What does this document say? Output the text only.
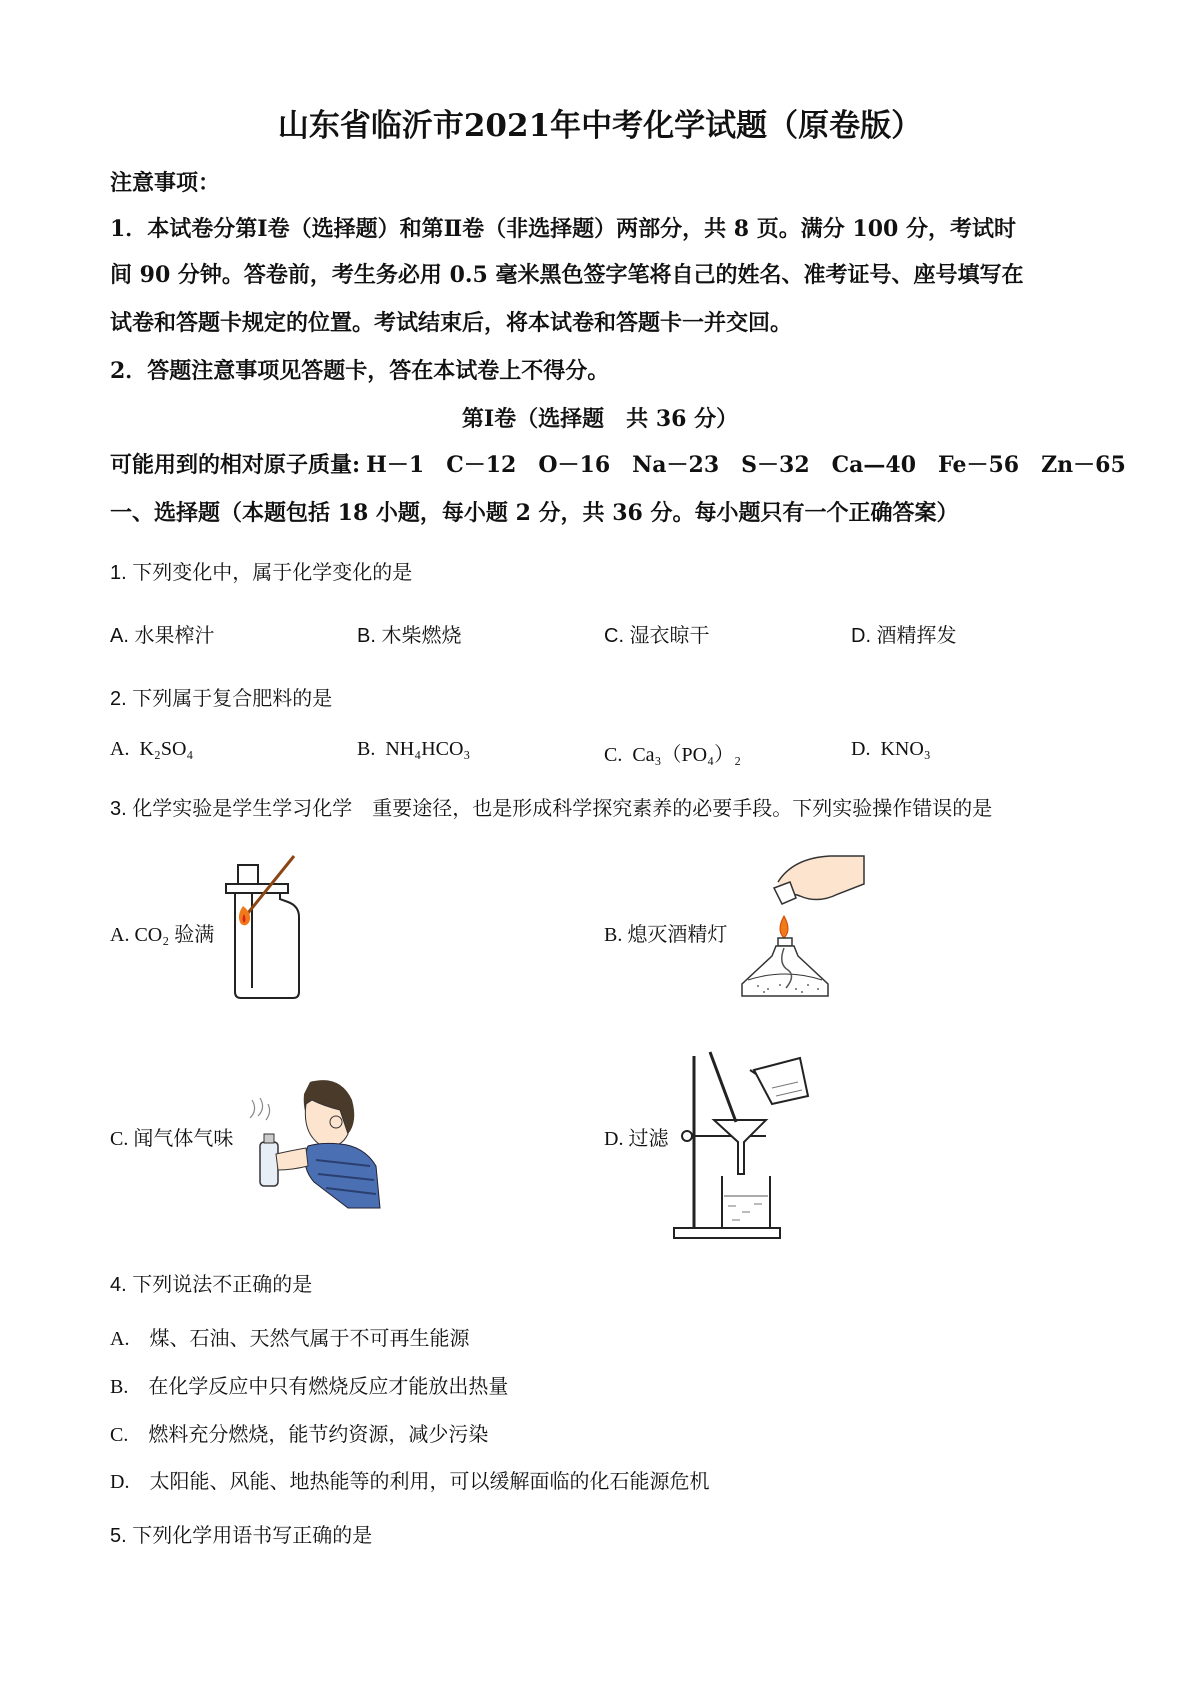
山东省临沂市2021年中考化学试题（原卷版）
注意事项：
1．本试卷分第Ⅰ卷（选择题）和第Ⅱ卷（非选择题）两部分，共 8 页。满分 100 分，考试时
间 90 分钟。答卷前，考生务必用 0.5 毫米黑色签字笔将自己的姓名、准考证号、座号填写在
试卷和答题卡规定的位置。考试结束后，将本试卷和答题卡一并交回。
2．答题注意事项见答题卡，答在本试卷上不得分。
第Ⅰ卷（选择题　共 36 分）
可能用到的相对原子质量: H－1 C－12 O－16 Na－23 S－32 Ca—40 Fe－56 Zn－65
一、选择题（本题包括 18 小题，每小题 2 分，共 36 分。每小题只有一个正确答案）
1. 下列变化中，属于化学变化的是
A. 水果榨汁	B. 木柴燃烧	C. 湿衣晾干	D. 酒精挥发
2. 下列属于复合肥料的是
A. K₂SO₄	B. NH₄HCO₃	C. Ca₃（PO₄）₂	D. KNO₃
3. 化学实验是学生学习化学　重要途径，也是形成科学探究素养的必要手段。下列实验操作错误的是
A. CO₂ 验满	B. 熄灭酒精灯
C. 闻气体气味	D. 过滤
4. 下列说法不正确的是
A.　煤、石油、天然气属于不可再生能源
B.　在化学反应中只有燃烧反应才能放出热量
C.　燃料充分燃烧，能节约资源，减少污染
D.　太阳能、风能、地热能等的利用，可以缓解面临的化石能源危机
5. 下列化学用语书写正确的是
